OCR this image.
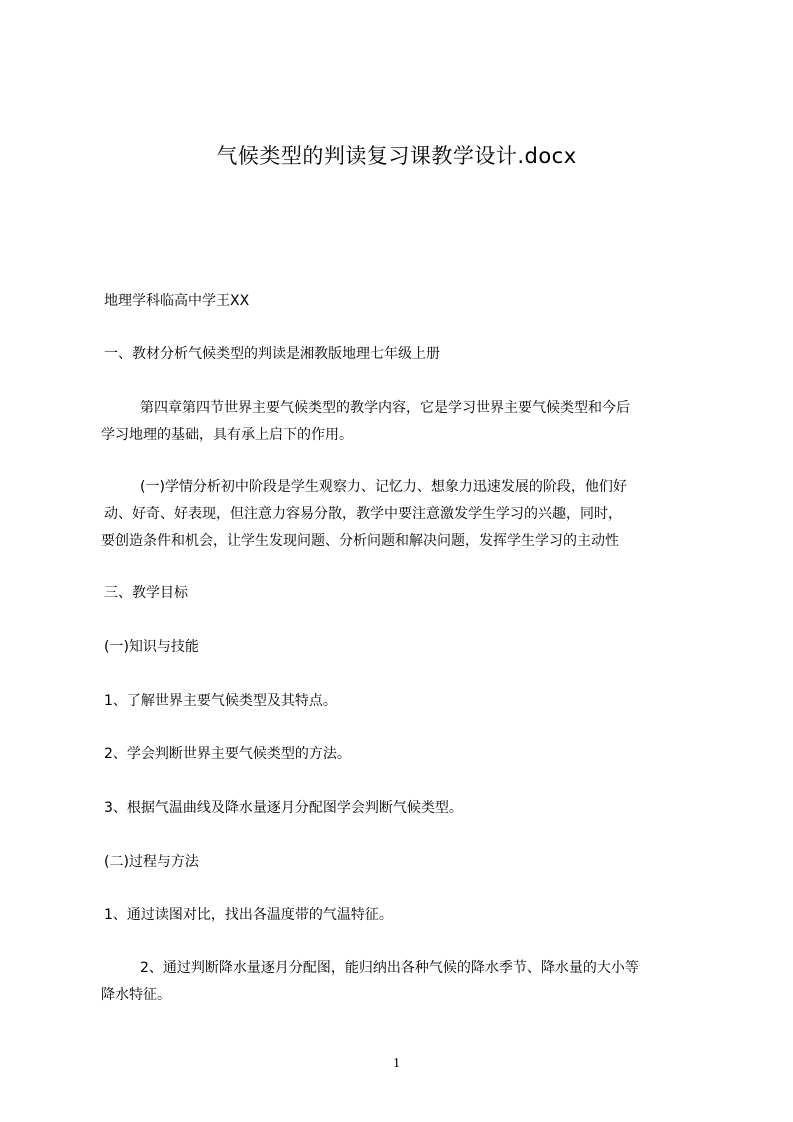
气候类型的判读复习课教学设计.docx
地理学科临高中学王XX
一、教材分析气候类型的判读是湘教版地理七年级上册
第四章第四节世界主要气候类型的教学内容，它是学习世界主要气候类型和今后
学习地理的基础，具有承上启下的作用。
(一)学情分析初中阶段是学生观察力、记忆力、想象力迅速发展的阶段，他们好
动、好奇、好表现，但注意力容易分散，教学中要注意激发学生学习的兴趣，同时，
要创造条件和机会，让学生发现问题、分析问题和解决问题，发挥学生学习的主动性
三、教学目标
(一)知识与技能
1、了解世界主要气候类型及其特点。
2、学会判断世界主要气候类型的方法。
3、根据气温曲线及降水量逐月分配图学会判断气候类型。
(二)过程与方法
1、通过读图对比，找出各温度带的气温特征。
2、通过判断降水量逐月分配图，能归纳出各种气候的降水季节、降水量的大小等
降水特征。
1
